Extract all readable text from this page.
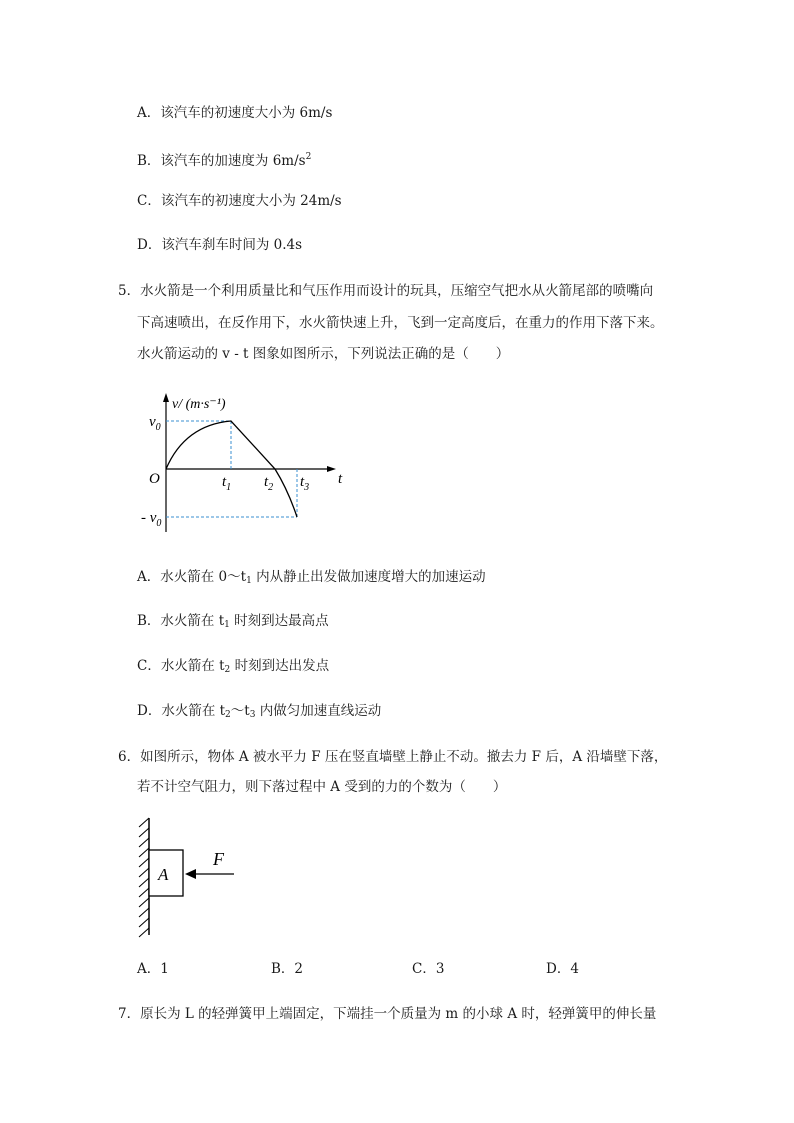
A．该汽车的初速度大小为 6m/s
B．该汽车的加速度为 $6m/s^2$
C．该汽车的初速度大小为 24m/s
D．该汽车刹车时间为 0.4s
5．水火箭是一个利用质量比和气压作用而设计的玩具，压缩空气把水从火箭尾部的喷嘴向
下高速喷出，在反作用下，水火箭快速上升，飞到一定高度后，在重力的作用下落下来。
水火箭运动的 v - t 图象如图所示，下列说法正确的是（　　）
v/ (m·s⁻¹)
t
O
$v_0$
- $v_0$
$t_1$ $t_2$ $t_3$
A．水火箭在 0～t1 内从静止出发做加速度增大的加速运动
B．水火箭在 t1 时刻到达最高点
C．水火箭在 t2 时刻到达出发点
D．水火箭在 t2～t3 内做匀加速直线运动
6．如图所示，物体 A 被水平力 F 压在竖直墙壁上静止不动。撤去力 F 后，A 沿墙壁下落，
若不计空气阻力，则下落过程中 A 受到的力的个数为（　　）
A
F
A．1	B．2	C．3	D．4
7．原长为 L 的轻弹簧甲上端固定，下端挂一个质量为 m 的小球 A 时，轻弹簧甲的伸长量
